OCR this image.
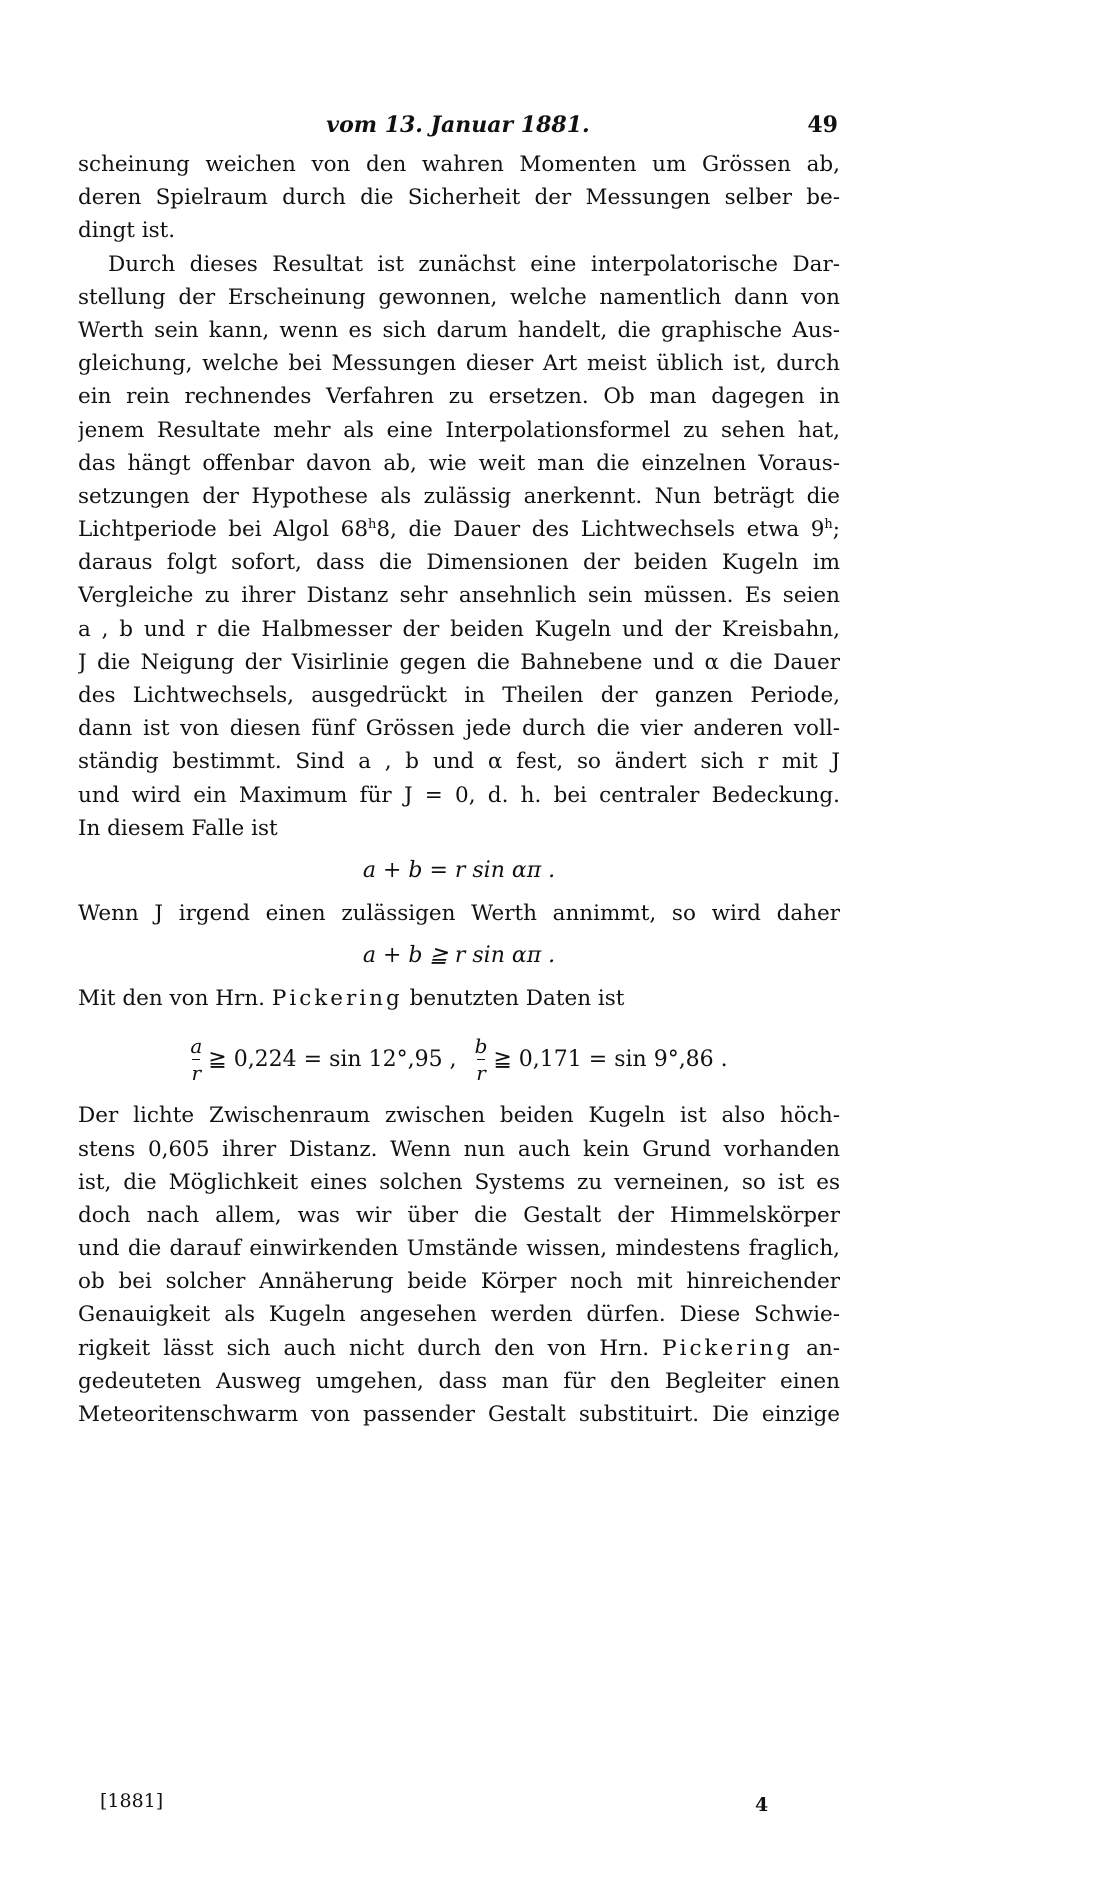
vom 13. Januar 1881.	49
scheinung weichen von den wahren Momenten um Grössen ab,
deren Spielraum durch die Sicherheit der Messungen selber be-
dingt ist.
Durch dieses Resultat ist zunächst eine interpolatorische Dar-
stellung der Erscheinung gewonnen, welche namentlich dann von
Werth sein kann, wenn es sich darum handelt, die graphische Aus-
gleichung, welche bei Messungen dieser Art meist üblich ist, durch
ein rein rechnendes Verfahren zu ersetzen. Ob man dagegen in
jenem Resultate mehr als eine Interpolationsformel zu sehen hat,
das hängt offenbar davon ab, wie weit man die einzelnen Voraus-
setzungen der Hypothese als zulässig anerkennt. Nun beträgt die
Lichtperiode bei Algol 68$^h$8, die Dauer des Lichtwechsels etwa 9$^h$;
daraus folgt sofort, dass die Dimensionen der beiden Kugeln im
Vergleiche zu ihrer Distanz sehr ansehnlich sein müssen. Es seien
a , b und r die Halbmesser der beiden Kugeln und der Kreisbahn,
J die Neigung der Visirlinie gegen die Bahnebene und α die Dauer
des Lichtwechsels, ausgedrückt in Theilen der ganzen Periode,
dann ist von diesen fünf Grössen jede durch die vier anderen voll-
ständig bestimmt. Sind a , b und α fest, so ändert sich r mit J
und wird ein Maximum für J = 0, d. h. bei centraler Bedeckung.
In diesem Falle ist
a + b = r sin απ .
Wenn J irgend einen zulässigen Werth annimmt, so wird daher
a + b ≧ r sin απ .
Mit den von Hrn. Pickering benutzten Daten ist
$\frac{a}{r}$ ≧ 0,224 = sin 12°,95 , $\frac{b}{r}$ ≧ 0,171 = sin 9°,86 .
Der lichte Zwischenraum zwischen beiden Kugeln ist also höch-
stens 0,605 ihrer Distanz. Wenn nun auch kein Grund vorhanden
ist, die Möglichkeit eines solchen Systems zu verneinen, so ist es
doch nach allem, was wir über die Gestalt der Himmelskörper
und die darauf einwirkenden Umstände wissen, mindestens fraglich,
ob bei solcher Annäherung beide Körper noch mit hinreichender
Genauigkeit als Kugeln angesehen werden dürfen. Diese Schwie-
rigkeit lässt sich auch nicht durch den von Hrn. Pickering an-
gedeuteten Ausweg umgehen, dass man für den Begleiter einen
Meteoritenschwarm von passender Gestalt substituirt. Die einzige
[1881]	4
